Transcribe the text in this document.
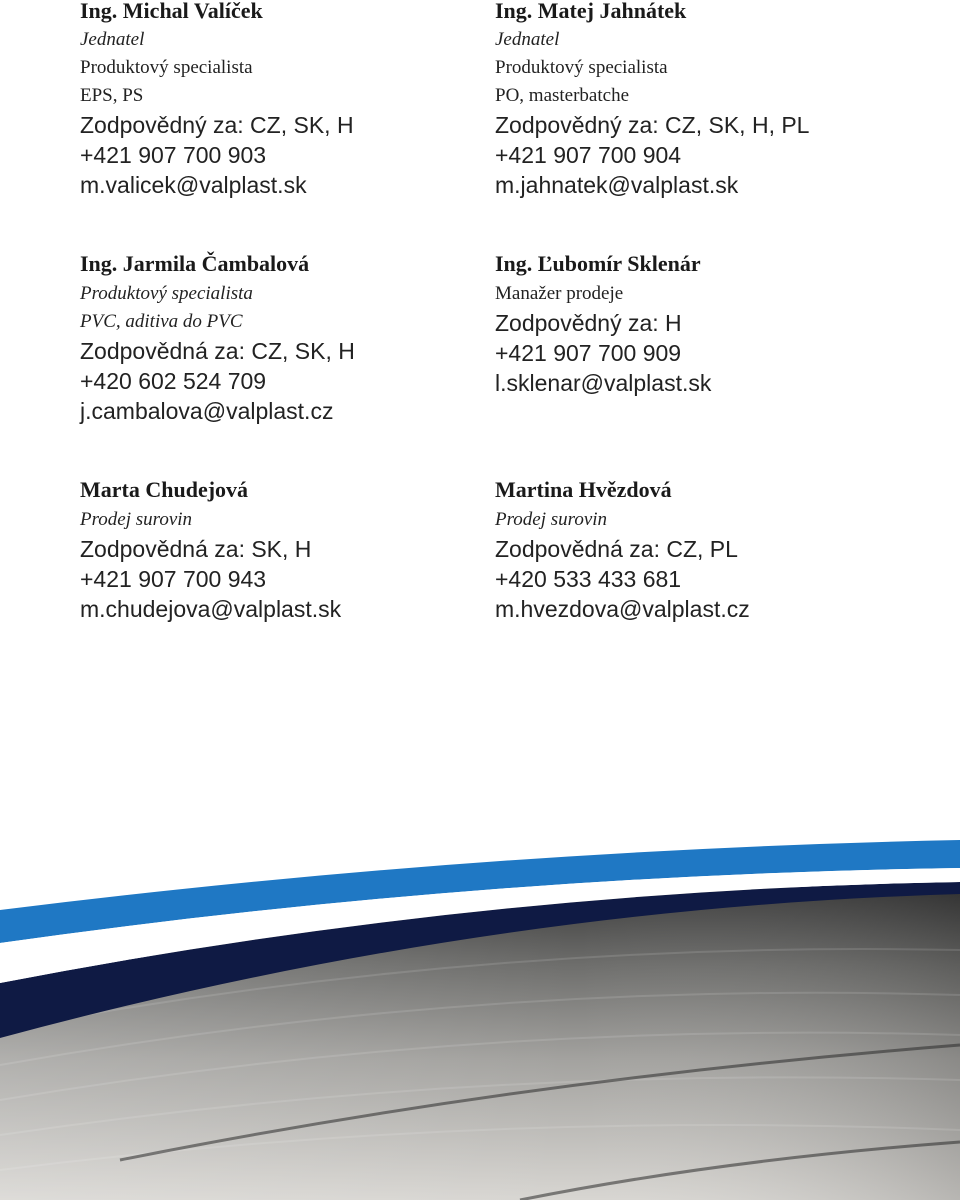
Ing. Michal Valíček
Jednatel
Produktový specialista
EPS, PS
Zodpovědný za: CZ, SK, H
+421 907 700 903
m.valicek@valplast.sk
Ing. Matej Jahnátek
Jednatel
Produktový specialista
PO, masterbatche
Zodpovědný za: CZ, SK, H, PL
+421 907 700 904
m.jahnatek@valplast.sk
Ing. Jarmila Čambalová
Produktový specialista
PVC, aditiva do PVC
Zodpovědná za: CZ, SK, H
+420 602 524 709
j.cambalova@valplast.cz
Ing. Ľubomír Sklenár
Manažer prodeje
Zodpovědný za: H
+421 907 700 909
l.sklenar@valplast.sk
Marta Chudejová
Prodej surovin
Zodpovědná za: SK, H
+421 907 700 943
m.chudejova@valplast.sk
Martina Hvězdová
Prodej surovin
Zodpovědná za: CZ, PL
+420 533 433 681
m.hvezdova@valplast.cz
